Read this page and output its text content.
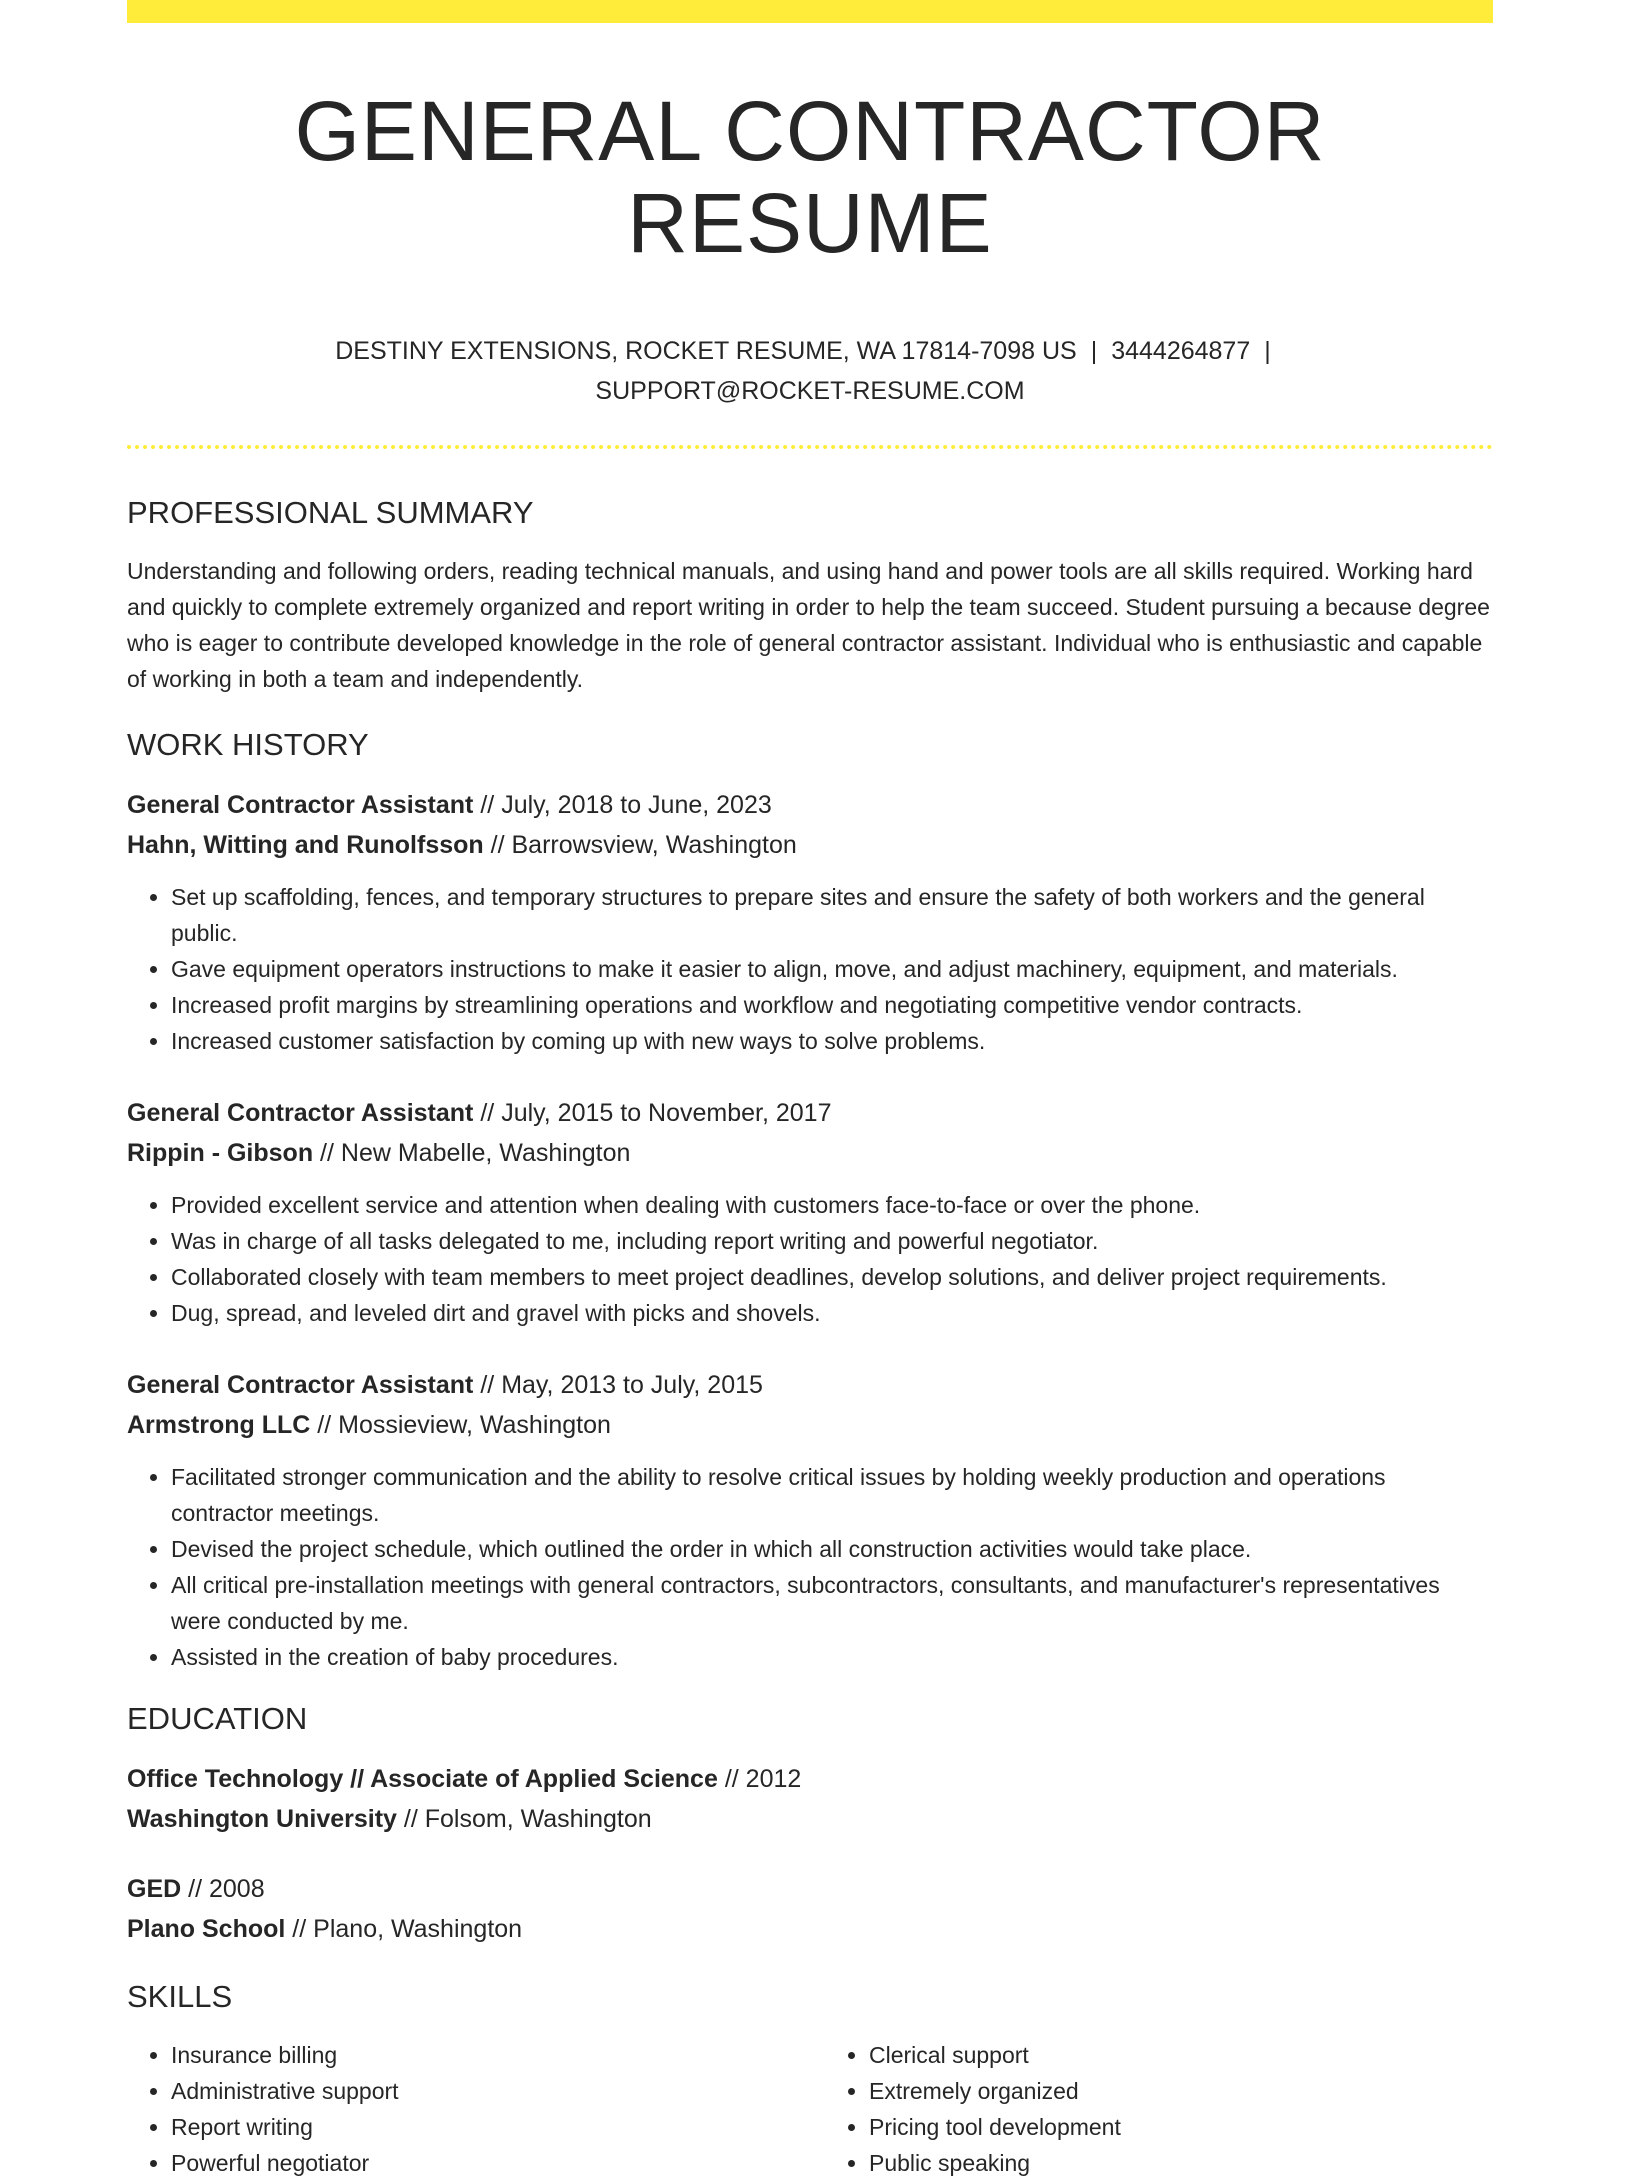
GENERAL CONTRACTOR RESUME
DESTINY EXTENSIONS, ROCKET RESUME, WA 17814-7098 US | 3444264877 |
SUPPORT@ROCKET-RESUME.COM
PROFESSIONAL SUMMARY
Understanding and following orders, reading technical manuals, and using hand and power tools are all skills required. Working hard and quickly to complete extremely organized and report writing in order to help the team succeed. Student pursuing a because degree who is eager to contribute developed knowledge in the role of general contractor assistant. Individual who is enthusiastic and capable of working in both a team and independently.
WORK HISTORY
General Contractor Assistant // July, 2018 to June, 2023
Hahn, Witting and Runolfsson // Barrowsview, Washington
• Set up scaffolding, fences, and temporary structures to prepare sites and ensure the safety of both workers and the general public.
• Gave equipment operators instructions to make it easier to align, move, and adjust machinery, equipment, and materials.
• Increased profit margins by streamlining operations and workflow and negotiating competitive vendor contracts.
• Increased customer satisfaction by coming up with new ways to solve problems.
General Contractor Assistant // July, 2015 to November, 2017
Rippin - Gibson // New Mabelle, Washington
• Provided excellent service and attention when dealing with customers face-to-face or over the phone.
• Was in charge of all tasks delegated to me, including report writing and powerful negotiator.
• Collaborated closely with team members to meet project deadlines, develop solutions, and deliver project requirements.
• Dug, spread, and leveled dirt and gravel with picks and shovels.
General Contractor Assistant // May, 2013 to July, 2015
Armstrong LLC // Mossieview, Washington
• Facilitated stronger communication and the ability to resolve critical issues by holding weekly production and operations contractor meetings.
• Devised the project schedule, which outlined the order in which all construction activities would take place.
• All critical pre-installation meetings with general contractors, subcontractors, consultants, and manufacturer's representatives were conducted by me.
• Assisted in the creation of baby procedures.
EDUCATION
Office Technology // Associate of Applied Science // 2012
Washington University // Folsom, Washington
GED // 2008
Plano School // Plano, Washington
SKILLS
• Insurance billing
• Administrative support
• Report writing
• Powerful negotiator
• Clerical support
• Extremely organized
• Pricing tool development
• Public speaking
